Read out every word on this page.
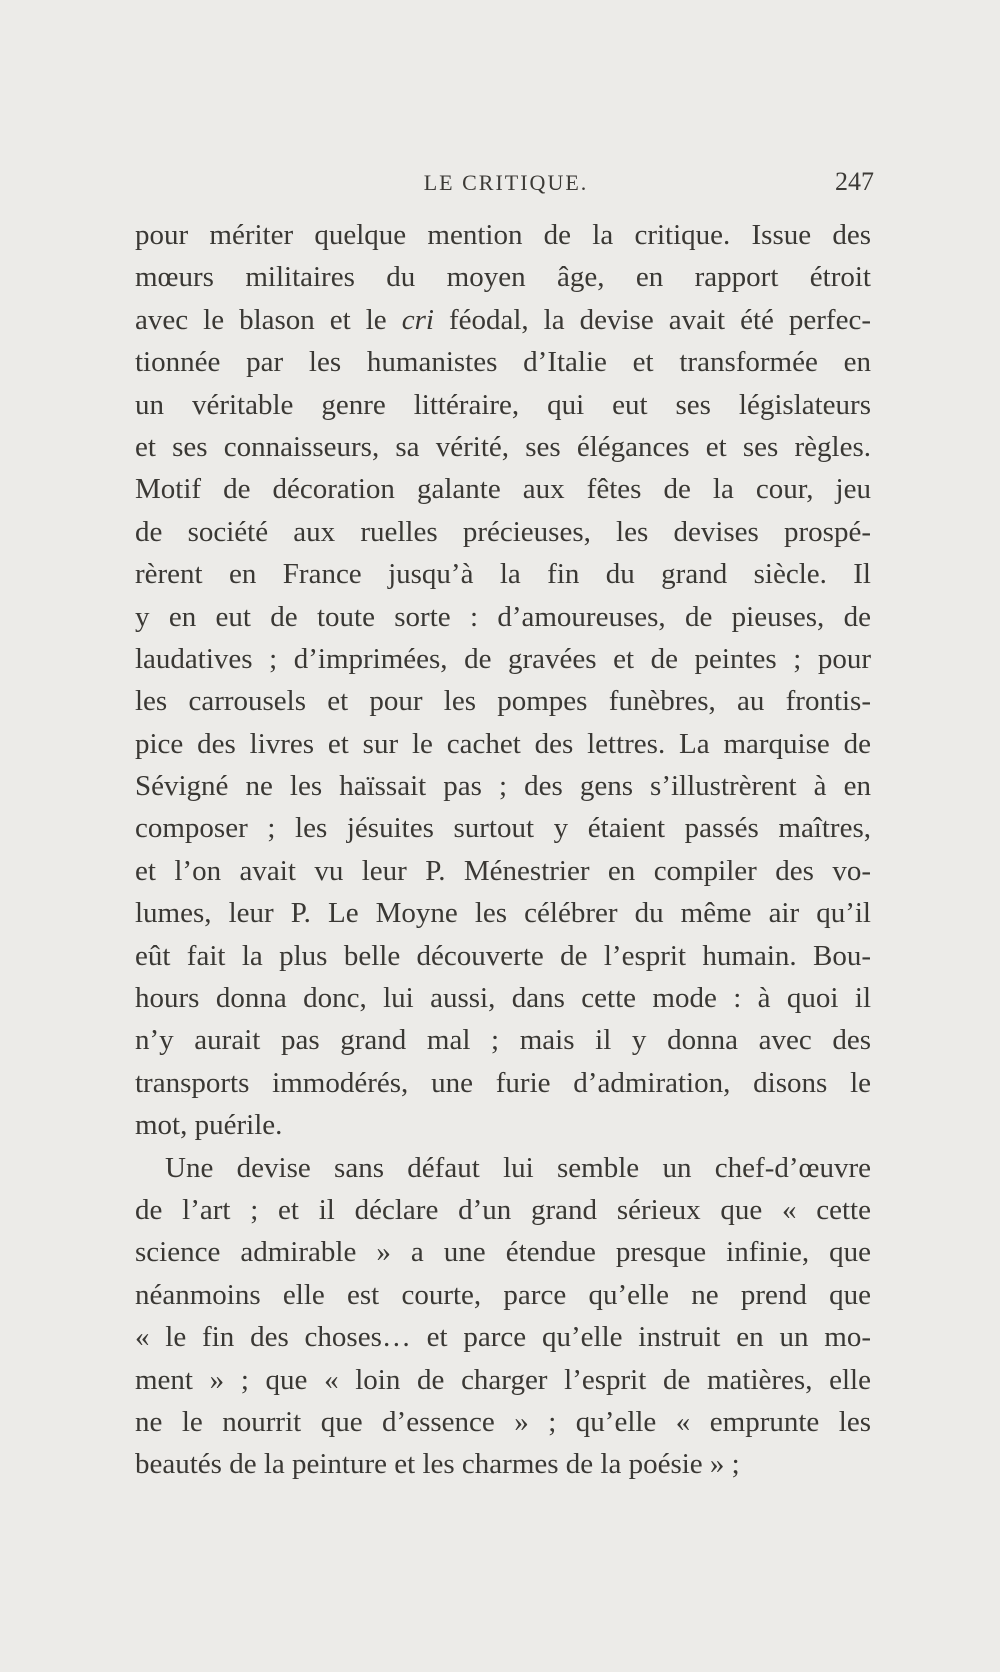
LE CRITIQUE.	247
pour mériter quelque mention de la critique. Issue des
mœurs militaires du moyen âge, en rapport étroit
avec le blason et le cri féodal, la devise avait été perfec-
tionnée par les humanistes d’Italie et transformée en
un véritable genre littéraire, qui eut ses législateurs
et ses connaisseurs, sa vérité, ses élégances et ses règles.
Motif de décoration galante aux fêtes de la cour, jeu
de société aux ruelles précieuses, les devises prospé-
rèrent en France jusqu’à la fin du grand siècle. Il
y en eut de toute sorte : d’amoureuses, de pieuses, de
laudatives ; d’imprimées, de gravées et de peintes ; pour
les carrousels et pour les pompes funèbres, au frontis-
pice des livres et sur le cachet des lettres. La marquise de
Sévigné ne les haïssait pas ; des gens s’illustrèrent à en
composer ; les jésuites surtout y étaient passés maîtres,
et l’on avait vu leur P. Ménestrier en compiler des vo-
lumes, leur P. Le Moyne les célébrer du même air qu’il
eût fait la plus belle découverte de l’esprit humain. Bou-
hours donna donc, lui aussi, dans cette mode : à quoi il
n’y aurait pas grand mal ; mais il y donna avec des
transports immodérés, une furie d’admiration, disons le
mot, puérile.
Une devise sans défaut lui semble un chef-d’œuvre
de l’art ; et il déclare d’un grand sérieux que « cette
science admirable » a une étendue presque infinie, que
néanmoins elle est courte, parce qu’elle ne prend que
« le fin des choses… et parce qu’elle instruit en un mo-
ment » ; que « loin de charger l’esprit de matières, elle
ne le nourrit que d’essence » ; qu’elle « emprunte les
beautés de la peinture et les charmes de la poésie » ;
